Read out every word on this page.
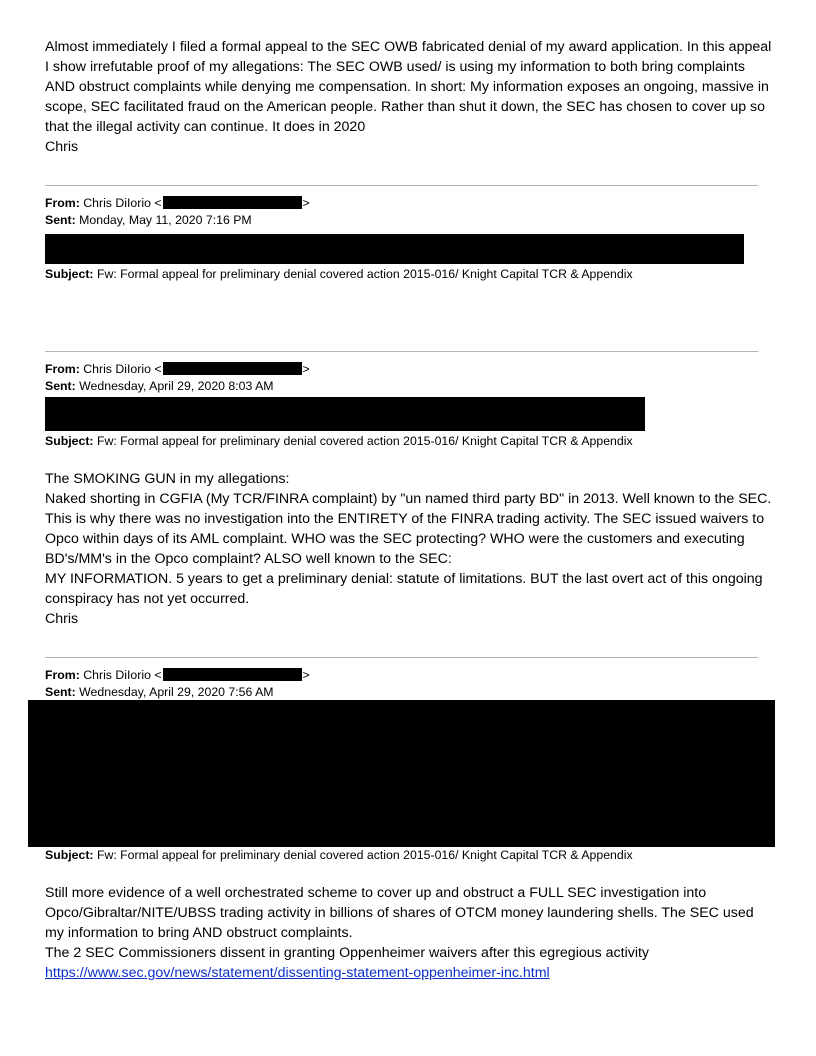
Almost immediately I filed a formal appeal to the SEC OWB fabricated denial of my award application. In this appeal I show irrefutable proof of my allegations: The SEC OWB used/ is using my information to both bring complaints AND obstruct complaints while denying me compensation. In short: My information exposes an ongoing, massive in scope, SEC facilitated fraud on the American people. Rather than shut it down, the SEC has chosen to cover up so that the illegal activity can continue. It does in 2020

Chris

From: Chris DiIorio <	>
Sent: Monday, May 11, 2020 7:16 PM
Subject: Fw: Formal appeal for preliminary denial covered action 2015-016/ Knight Capital TCR & Appendix
From: Chris DiIorio <	>
Sent: Wednesday, April 29, 2020 8:03 AM
Subject: Fw: Formal appeal for preliminary denial covered action 2015-016/ Knight Capital TCR & Appendix

The SMOKING GUN in my allegations:

Naked shorting in CGFIA (My TCR/FINRA complaint) by "un named third party BD" in 2013. Well known to the SEC. This is why there was no investigation into the ENTIRETY of the FINRA trading activity. The SEC issued waivers to Opco within days of its AML complaint. WHO was the SEC protecting? WHO were the customers and executing BD's/MM's in the Opco complaint? ALSO well known to the SEC:

MY INFORMATION. 5 years to get a preliminary denial: statute of limitations. BUT the last overt act of this ongoing conspiracy has not yet occurred.

Chris

From: Chris DiIorio <	>
Sent: Wednesday, April 29, 2020 7:56 AM
Subject: Fw: Formal appeal for preliminary denial covered action 2015-016/ Knight Capital TCR & Appendix

Still more evidence of a well orchestrated scheme to cover up and obstruct a FULL SEC investigation into Opco/Gibraltar/NITE/UBSS trading activity in billions of shares of OTCM money laundering shells. The SEC used my information to bring AND obstruct complaints.

The 2 SEC Commissioners dissent in granting Oppenheimer waivers after this egregious activity

https://www.sec.gov/news/statement/dissenting-statement-oppenheimer-inc.html
